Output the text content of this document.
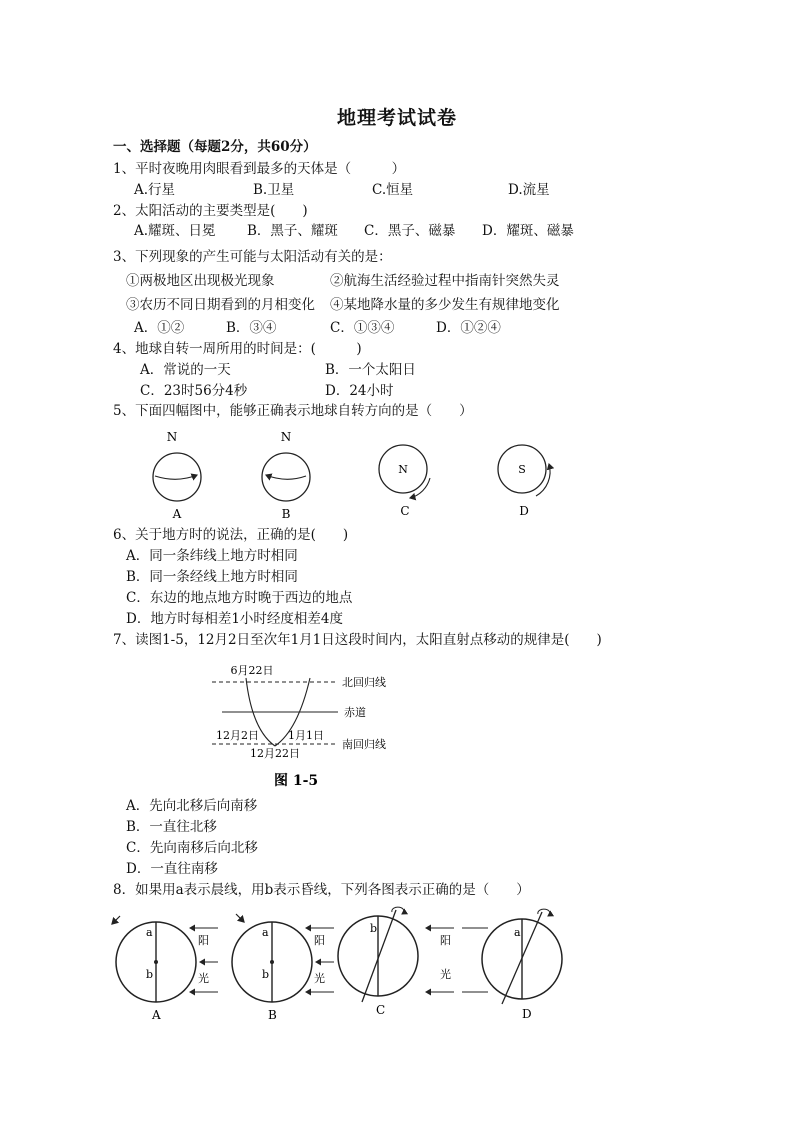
地理考试试卷
一、选择题（每题2分，共60分）
1、平时夜晚用肉眼看到最多的天体是（　　　）
A.行星	B.卫星	C.恒星	D.流星
2、太阳活动的主要类型是(　　)
A.耀斑、日冕 B．黑子、耀斑 C．黑子、磁暴 D．耀斑、磁暴
3、下列现象的产生可能与太阳活动有关的是：
①两极地区出现极光现象	②航海生活经验过程中指南针突然失灵
③农历不同日期看到的月相变化 ④某地降水量的多少发生有规律地变化
A．①②	B．③④	C．①③④	D．①②④
4、地球自转一周所用的时间是：(　　　)
A．常说的一天	B．一个太阳日
C．23时56分4秒	D．24小时
5、下面四幅图中，能够正确表示地球自转方向的是（　　）
N
A
N
B
N
C
S
D
6、关于地方时的说法，正确的是(　　)
A．同一条纬线上地方时相同
B．同一条经线上地方时相同
C．东边的地点地方时晚于西边的地点
D．地方时每相差1小时经度相差4度
7、读图1-5，12月2日至次年1月1日这段时间内，太阳直射点移动的规律是(　　)
6月22日
北回归线
赤道
南回归线
12月2日	1月1日
12月22日
图 1-5
A．先向北移后向南移
B．一直往北移
C．先向南移后向北移
D．一直往南移
8．如果用a表示晨线，用b表示昏线，下列各图表示正确的是（　　）
a
b
阳
光
A
a
b
阳
光
B
b
阳
光
C
a
D
